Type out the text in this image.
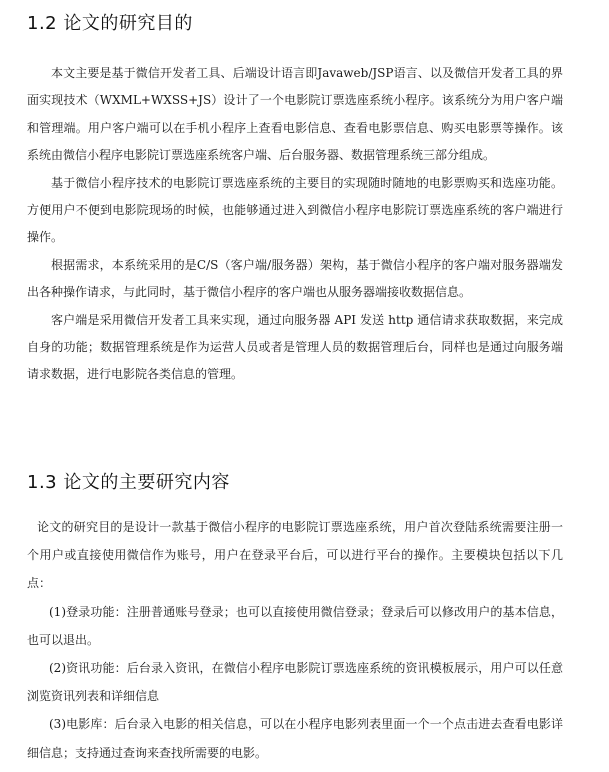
1.2 论文的研究目的

本文主要是基于微信开发者工具、后端设计语言即Javaweb/JSP语言、以及微信开发者工具的界面实现技术（WXML+WXSS+JS）设计了一个电影院订票选座系统小程序。该系统分为用户客户端和管理端。用户客户端可以在手机小程序上查看电影信息、查看电影票信息、购买电影票等操作。该系统由微信小程序电影院订票选座系统客户端、后台服务器、数据管理系统三部分组成。

基于微信小程序技术的电影院订票选座系统的主要目的实现随时随地的电影票购买和选座功能。方便用户不便到电影院现场的时候，也能够通过进入到微信小程序电影院订票选座系统的客户端进行操作。

根据需求，本系统采用的是C/S（客户端/服务器）架构，基于微信小程序的客户端对服务器端发出各种操作请求，与此同时，基于微信小程序的客户端也从服务器端接收数据信息。

客户端是采用微信开发者工具来实现，通过向服务器 API 发送 http 通信请求获取数据，来完成自身的功能；数据管理系统是作为运营人员或者是管理人员的数据管理后台，同样也是通过向服务端请求数据，进行电影院各类信息的管理。

1.3 论文的主要研究内容

论文的研究目的是设计一款基于微信小程序的电影院订票选座系统，用户首次登陆系统需要注册一个用户或直接使用微信作为账号，用户在登录平台后，可以进行平台的操作。主要模块包括以下几点：

(1)登录功能：注册普通账号登录；也可以直接使用微信登录；登录后可以修改用户的基本信息，也可以退出。

(2)资讯功能：后台录入资讯，在微信小程序电影院订票选座系统的资讯模板展示，用户可以任意浏览资讯列表和详细信息

(3)电影库：后台录入电影的相关信息，可以在小程序电影列表里面一个一个点击进去查看电影详细信息；支持通过查询来查找所需要的电影。
